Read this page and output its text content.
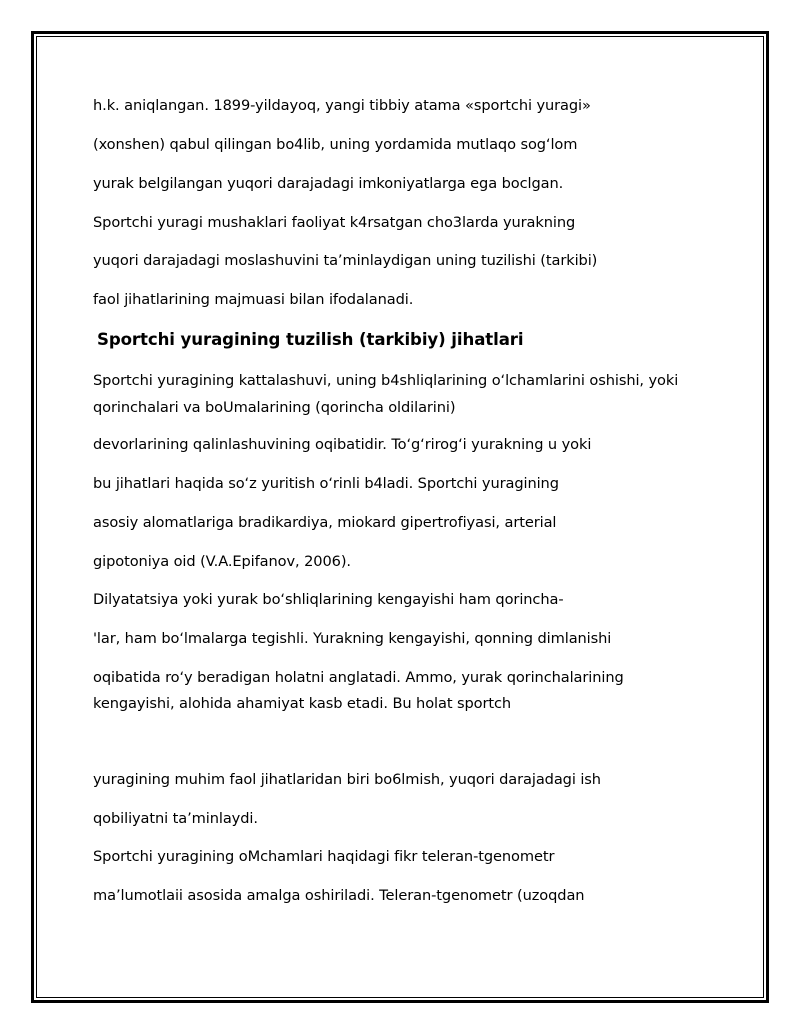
h.k. aniqlangan. 1899-yildayoq, yangi tibbiy atama «sportchi yuragi»
(xonshen) qabul qilingan bo4lib, uning yordamida mutlaqo sog‘lom
yurak belgilangan yuqori darajadagi imkoniyatlarga ega boclgan.
Sportchi yuragi mushaklari faoliyat k4rsatgan cho3larda yurakning
yuqori darajadagi moslashuvini ta’minlaydigan uning tuzilishi (tarkibi)
faol jihatlarining majmuasi bilan ifodalanadi.
Sportchi yuragining tuzilish (tarkibiy) jihatlari
Sportchi yuragining kattalashuvi, uning b4shliqlarining o‘lchamlarini oshishi, yoki
qorinchalari va boUmalarining (qorincha oldilarini)
devorlarining qalinlashuvining oqibatidir. To‘g‘rirog‘i yurakning u yoki
bu jihatlari haqida so‘z yuritish o‘rinli b4ladi. Sportchi yuragining
asosiy alomatlariga bradikardiya, miokard gipertrofiyasi, arterial
gipotoniya oid (V.A.Epifanov, 2006).
Dilyatatsiya yoki yurak bo‘shliqlarining kengayishi ham qorincha-
'lar, ham bo‘lmalarga tegishli. Yurakning kengayishi, qonning dimlanishi
oqibatida ro‘y beradigan holatni anglatadi. Ammo, yurak qorinchalarining
kengayishi, alohida ahamiyat kasb etadi. Bu holat sportch
yuragining muhim faol jihatlaridan biri bo6lmish, yuqori darajadagi ish
qobiliyatni ta’minlaydi.
Sportchi yuragining oMchamlari haqidagi fikr teleran-tgenometr
ma’lumotlaii asosida amalga oshiriladi. Teleran-tgenometr (uzoqdan
